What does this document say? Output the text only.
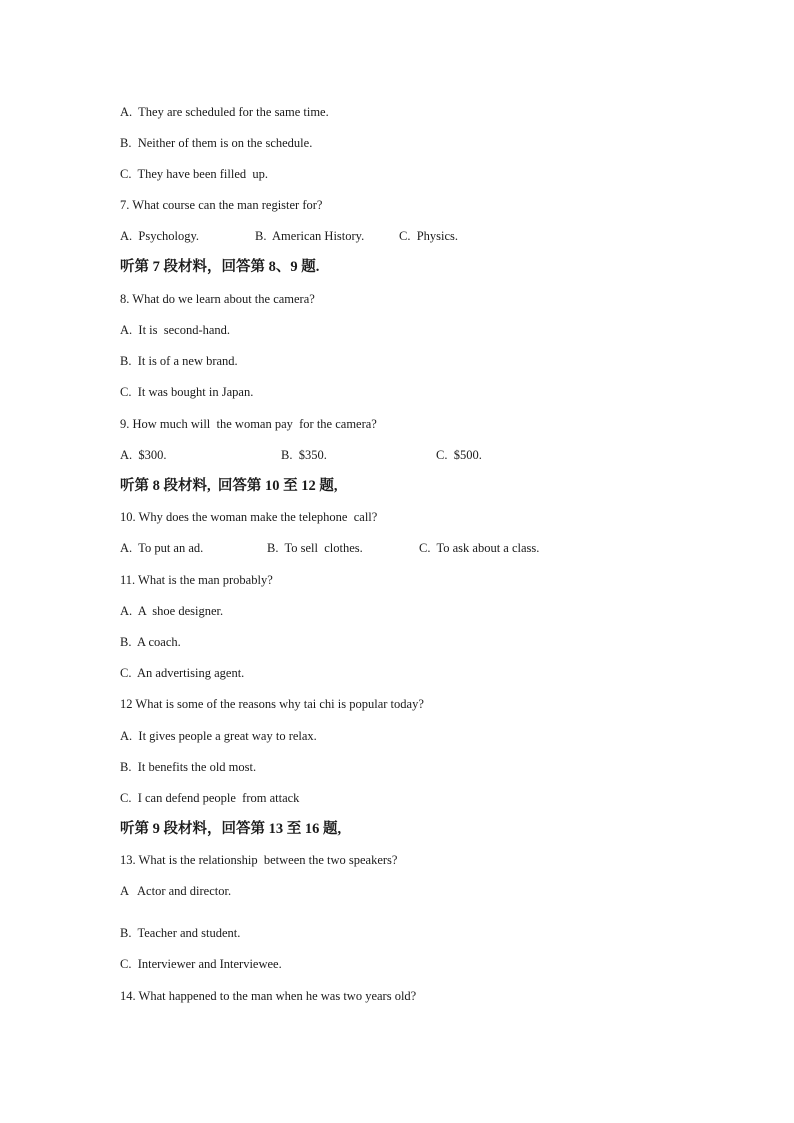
A.  They are scheduled for the same time.
B.  Neither of them is on the schedule.
C.  They have been filled  up.
7. What course can the man register for?
A.  Psychology.	B.  American History.	C.  Physics.
听第 7 段材料，回答第 8、9 题.
8. What do we learn about the camera?
A.  It is  second-hand.
B.  It is of a new brand.
C.  It was bought in Japan.
9. How much will  the woman pay  for the camera?
A.  $300.	B.  $350.	C.  $500.
听第 8 段材料,  回答第 10 至 12 题,
10. Why does the woman make the telephone  call?
A.  To put an ad.	B.  To sell  clothes.	C.  To ask about a class.
11. What is the man probably?
A.  A  shoe designer.
B.  A coach.
C.  An advertising agent.
12 What is some of the reasons why tai chi is popular today?
A.  It gives people a great way to relax.
B.  It benefits the old most.
C.  I can defend people  from attack
听第 9 段材料，回答第 13 至 16 题,
13. What is the relationship  between the two speakers?
A   Actor and director.
B.  Teacher and student.
C.  Interviewer and Interviewee.
14. What happened to the man when he was two years old?
